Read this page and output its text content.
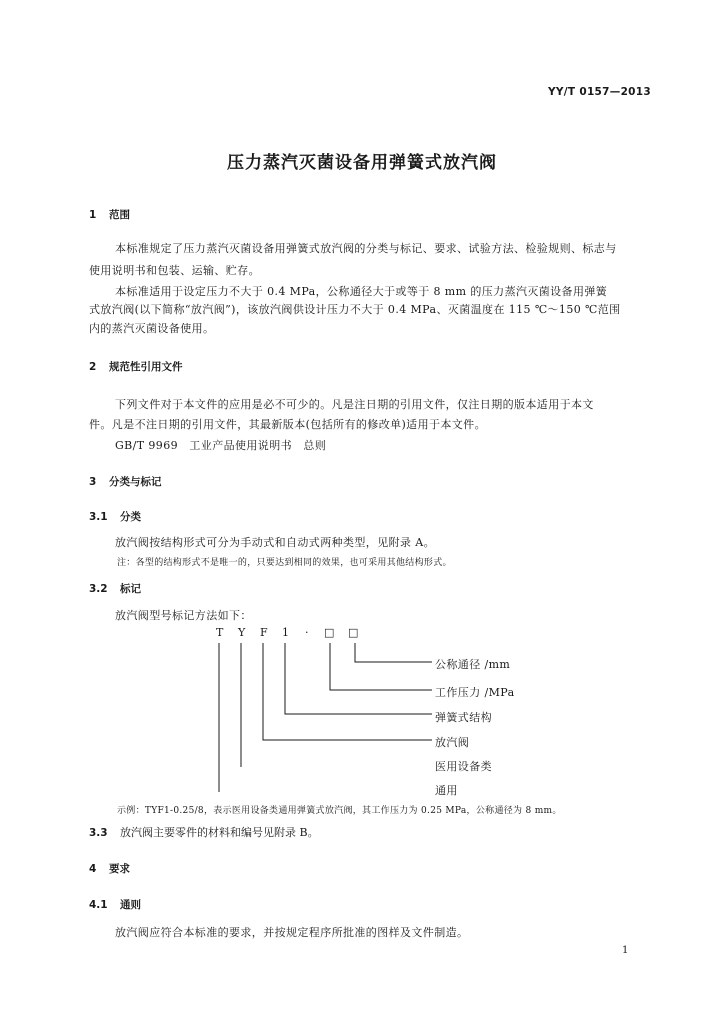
YY/T 0157—2013
压力蒸汽灭菌设备用弹簧式放汽阀
1 范围
本标准规定了压力蒸汽灭菌设备用弹簧式放汽阀的分类与标记、要求、试验方法、检验规则、标志与
使用说明书和包装、运输、贮存。
本标准适用于设定压力不大于 0.4 MPa，公称通径大于或等于 8 mm 的压力蒸汽灭菌设备用弹簧
式放汽阀(以下简称“放汽阀”)，该放汽阀供设计压力不大于 0.4 MPa、灭菌温度在 115 ℃～150 ℃范围
内的蒸汽灭菌设备使用。
2 规范性引用文件
下列文件对于本文件的应用是必不可少的。凡是注日期的引用文件，仅注日期的版本适用于本文
件。凡是不注日期的引用文件，其最新版本(包括所有的修改单)适用于本文件。
GB/T 9969　工业产品使用说明书　总则
3 分类与标记
3.1 分类
放汽阀按结构形式可分为手动式和自动式两种类型，见附录 A。
注：各型的结构形式不是唯一的，只要达到相同的效果，也可采用其他结构形式。
3.2 标记
放汽阀型号标记方法如下：
T Y F 1 · □ □
公称通径 /mm
工作压力 /MPa
弹簧式结构
放汽阀
医用设备类
通用
示例：TYF1-0.25/8，表示医用设备类通用弹簧式放汽阀，其工作压力为 0.25 MPa，公称通径为 8 mm。
3.3 放汽阀主要零件的材料和编号见附录 B。
4 要求
4.1 通则
放汽阀应符合本标准的要求，并按规定程序所批准的图样及文件制造。
1
